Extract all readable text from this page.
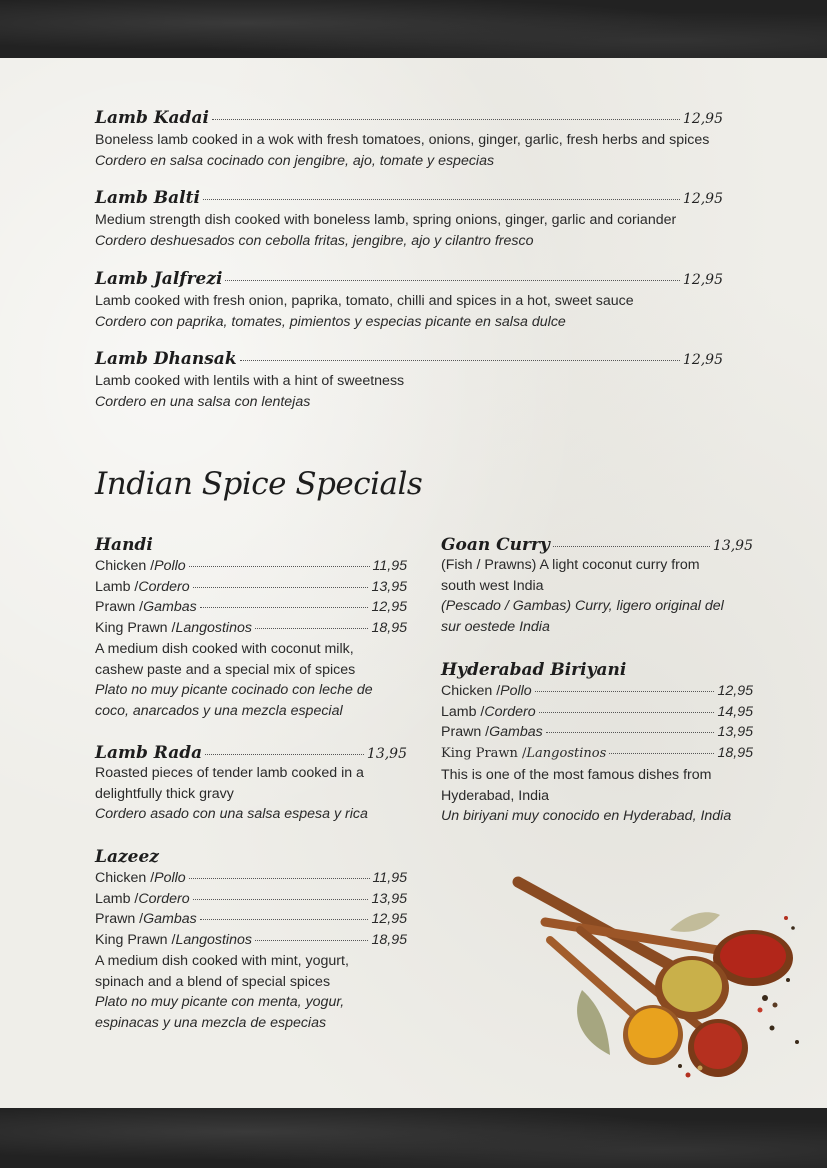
Lamb Kadai	12,95
Boneless lamb cooked in a wok with fresh tomatoes, onions, ginger, garlic, fresh herbs and spices
Cordero en salsa cocinado con jengibre, ajo, tomate y especias
Lamb Balti	12,95
Medium strength dish cooked with boneless lamb, spring onions, ginger, garlic and coriander
Cordero deshuesados con cebolla fritas, jengibre, ajo y cilantro fresco
Lamb Jalfrezi	12,95
Lamb cooked with fresh onion, paprika, tomato, chilli and spices in a hot, sweet sauce
Cordero con paprika, tomates, pimientos y especias picante en salsa dulce
Lamb Dhansak	12,95
Lamb cooked with lentils with a hint of sweetness
Cordero en una salsa con lentejas
Indian Spice Specials
Handi
Chicken / Pollo	11,95
Lamb / Cordero	13,95
Prawn / Gambas	12,95
King Prawn / Langostinos	18,95
A medium dish cooked with coconut milk,
cashew paste and a special mix of spices
Plato no muy picante cocinado con leche de
coco, anarcados y una mezcla especial
Lamb Rada	13,95
Roasted pieces of tender lamb cooked in a
delightfully thick gravy
Cordero asado con una salsa espesa y rica
Lazeez
Chicken / Pollo	11,95
Lamb / Cordero	13,95
Prawn / Gambas	12,95
King Prawn / Langostinos	18,95
A medium dish cooked with mint, yogurt,
spinach and a blend of special spices
Plato no muy picante con menta, yogur,
espinacas y una mezcla de especias
Goan Curry	13,95
(Fish / Prawns) A light coconut curry from
south west India
(Pescado / Gambas) Curry, ligero original del
sur oestede India
Hyderabad Biriyani
Chicken / Pollo	12,95
Lamb / Cordero	14,95
Prawn / Gambas	13,95
King Prawn / Langostinos	18,95
This is one of the most famous dishes from
Hyderabad, India
Un biriyani muy conocido en Hyderabad, India
